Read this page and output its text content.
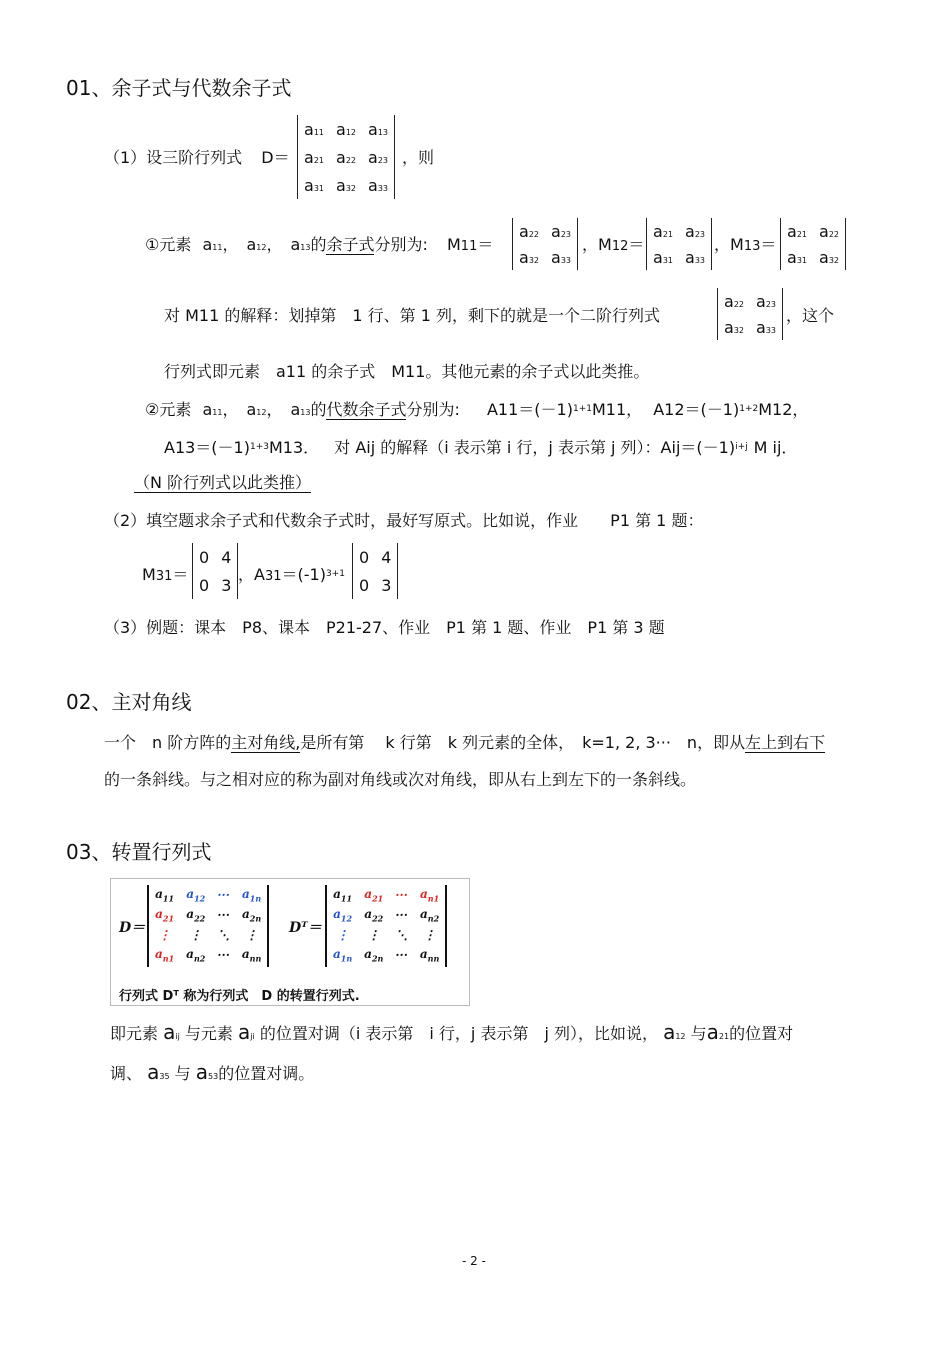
01、余子式与代数余子式
（1）设三阶行列式 D＝
a11	a12	a13
a21	a22	a23
a31	a32	a33
，则
①元素 a11，　a12，　a13的余子式分别为: M11＝
a22	a23
a32	a33
，M12＝
a21	a23
a31	a33
，M13＝
a21	a22
a31	a32
对 M11 的解释：划掉第　1 行、第 1 列，剩下的就是一个二阶行列式
a22	a23
a32	a33
，这个
行列式即元素　a11 的余子式　M11。其他元素的余子式以此类推。
②元素 a11，　a12，　a13的代数余子式分别为: $A11=(-1)^{1+1}M11$， $A12=(-1)^{1+2}M12$，
$A13=(-1)^{1+3}M13$． 对 Aij 的解释（i 表示第 i 行，j 表示第 j 列）：$Aij=(-1)^{i+j}$ M ij．
（N 阶行列式以此类推）
（2）填空题求余子式和代数余子式时，最好写原式。比如说，作业　　P1 第 1 题：
M31＝
0	4
0	3
，$A31=(-1)^{3+1}$
0	4
0	3
（3）例题：课本　P8、课本　P21-27、作业　P1 第 1 题、作业　P1 第 3 题
02、主对角线
一个　n 阶方阵的主对角线,是所有第　 k 行第　k 列元素的全体，　k=1, 2, 3···　n，即从左上到右下
的一条斜线。与之相对应的称为副对角线或次对角线，即从右上到左下的一条斜线。
03、转置行列式
D＝
$a_{11}$	$a_{12}$	···	$a_{1n}$
$a_{21}$	$a_{22}$	···	$a_{2n}$
⋮	⋮	⋱	⋮
$a_{n1}$	$a_{n2}$	···	$a_{nn}$
Dᵀ＝
$a_{11}$	$a_{21}$	···	$a_{n1}$
$a_{12}$	$a_{22}$	···	$a_{n2}$
⋮	⋮	⋱	⋮
$a_{1n}$	$a_{2n}$	···	$a_{nn}$
行列式 Dᵀ 称为行列式　D 的转置行列式.
即元素 aij 与元素 aji 的位置对调（i 表示第　i 行，j 表示第　j 列），比如说， a12 与a21的位置对
调、 a35 与 a53的位置对调。
- 2 -
